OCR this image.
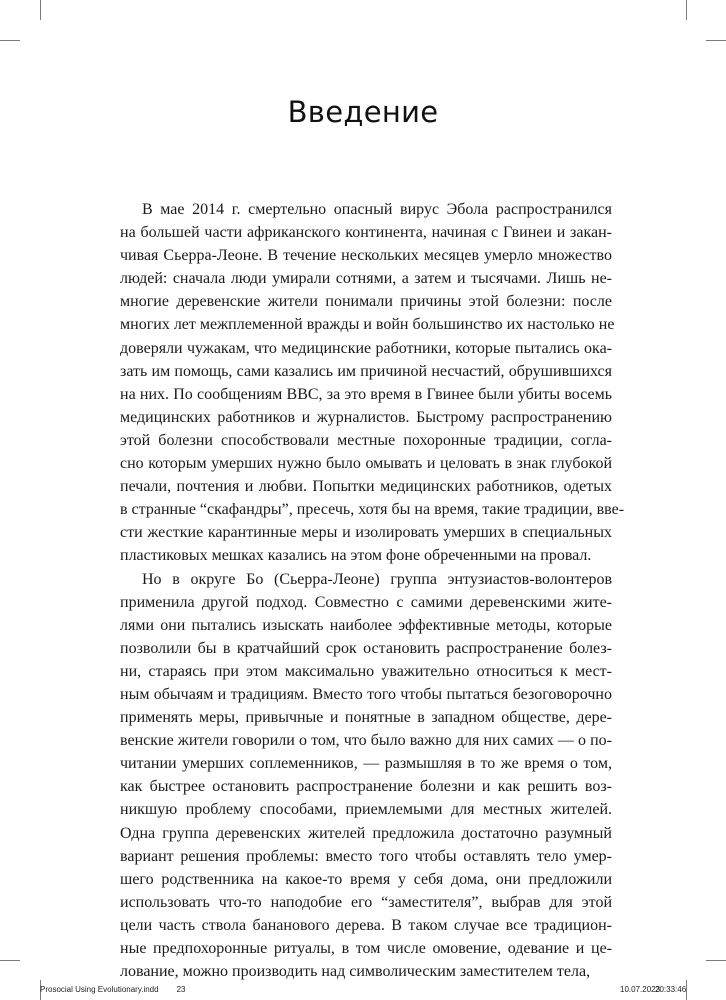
Введение
В мае 2014 г. смертельно опасный вирус Эбола распространился
на большей части африканского континента, начиная с Гвинеи и закан-
чивая Сьерра-Леоне. В течение нескольких месяцев умерло множество
людей: сначала люди умирали сотнями, а затем и тысячами. Лишь не-
многие деревенские жители понимали причины этой болезни: после
многих лет межплеменной вражды и войн большинство их настолько не
доверяли чужакам, что медицинские работники, которые пытались ока-
зать им помощь, сами казались им причиной несчастий, обрушившихся
на них. По сообщениям BBC, за это время в Гвинее были убиты восемь
медицинских работников и журналистов. Быстрому распространению
этой болезни способствовали местные похоронные традиции, согла-
сно которым умерших нужно было омывать и целовать в знак глубокой
печали, почтения и любви. Попытки медицинских работников, одетых
в странные “скафандры”, пресечь, хотя бы на время, такие традиции, вве-
сти жесткие карантинные меры и изолировать умерших в специальных
пластиковых мешках казались на этом фоне обреченными на провал.
Но в округе Бо (Сьерра-Леоне) группа энтузиастов-волонтеров
применила другой подход. Совместно с самими деревенскими жите-
лями они пытались изыскать наиболее эффективные методы, которые
позволили бы в кратчайший срок остановить распространение болез-
ни, стараясь при этом максимально уважительно относиться к мест-
ным обычаям и традициям. Вместо того чтобы пытаться безоговорочно
применять меры, привычные и понятные в западном обществе, дере-
венские жители говорили о том, что было важно для них самих — о по-
читании умерших соплеменников, — размышляя в то же время о том,
как быстрее остановить распространение болезни и как решить воз-
никшую проблему способами, приемлемыми для местных жителей.
Одна группа деревенских жителей предложила достаточно разумный
вариант решения проблемы: вместо того чтобы оставлять тело умер-
шего родственника на какое-то время у себя дома, они предложили
использовать что-то наподобие его “заместителя”, выбрав для этой
цели часть ствола бананового дерева. В таком случае все традицион-
ные предпохоронные ритуалы, в том числе омовение, одевание и це-
лование, можно производить над символическим заместителем тела,
Prosocial Using Evolutionary.indd 23	10.07.2023
20:33:46
